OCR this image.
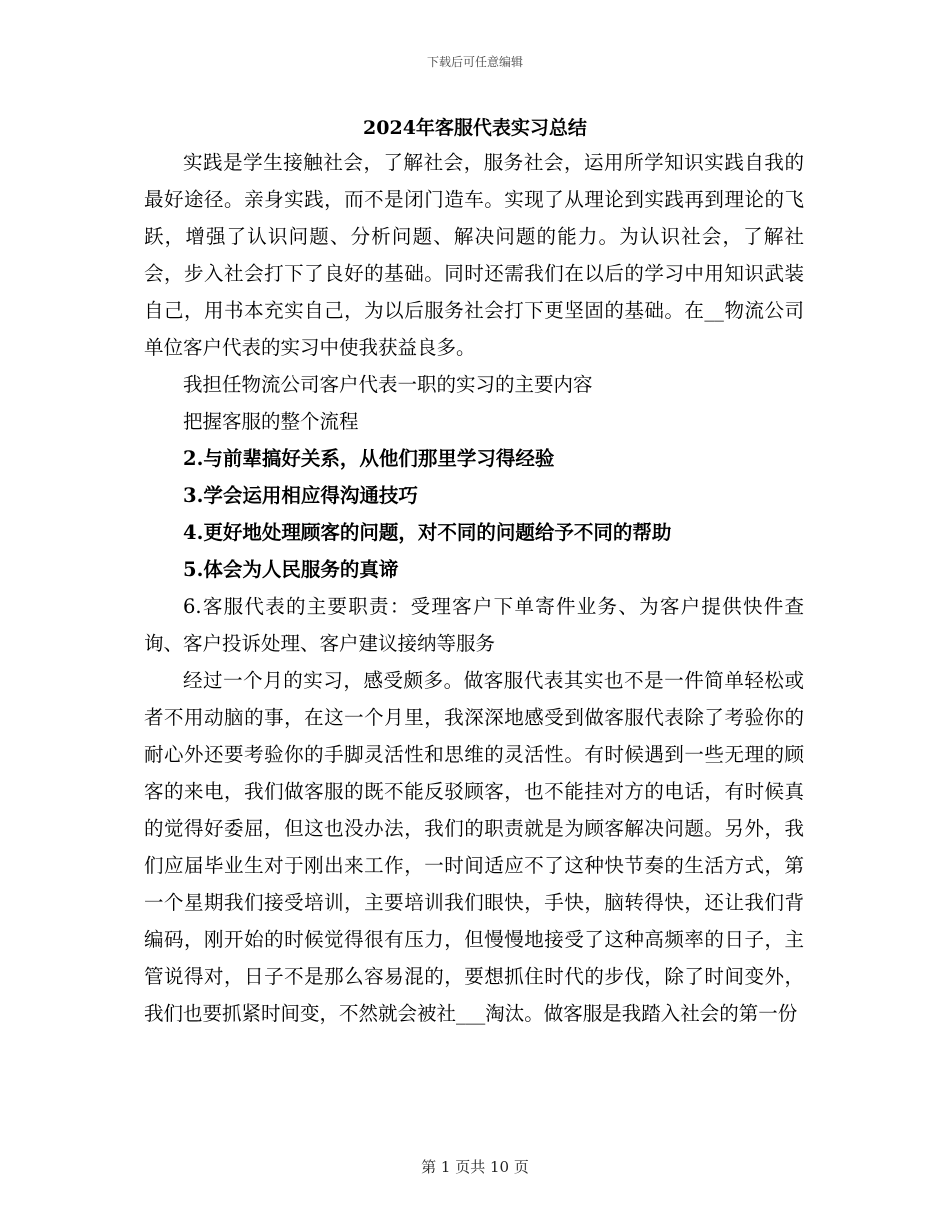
下载后可任意编辑
2024年客服代表实习总结

实践是学生接触社会，了解社会，服务社会，运用所学知识实践自我的最好途径。亲身实践，而不是闭门造车。实现了从理论到实践再到理论的飞跃，增强了认识问题、分析问题、解决问题的能力。为认识社会，了解社会，步入社会打下了良好的基础。同时还需我们在以后的学习中用知识武装自己，用书本充实自己，为以后服务社会打下更坚固的基础。在__物流公司单位客户代表的实习中使我获益良多。

我担任物流公司客户代表一职的实习的主要内容

把握客服的整个流程

2.与前辈搞好关系，从他们那里学习得经验

3.学会运用相应得沟通技巧

4.更好地处理顾客的问题，对不同的问题给予不同的帮助

5.体会为人民服务的真谛

6.客服代表的主要职责：受理客户下单寄件业务、为客户提供快件查询、客户投诉处理、客户建议接纳等服务

经过一个月的实习，感受颇多。做客服代表其实也不是一件简单轻松或者不用动脑的事，在这一个月里，我深深地感受到做客服代表除了考验你的耐心外还要考验你的手脚灵活性和思维的灵活性。有时候遇到一些无理的顾客的来电，我们做客服的既不能反驳顾客，也不能挂对方的电话，有时候真的觉得好委屈，但这也没办法，我们的职责就是为顾客解决问题。另外，我们应届毕业生对于刚出来工作，一时间适应不了这种快节奏的生活方式，第一个星期我们接受培训，主要培训我们眼快，手快，脑转得快，还让我们背编码，刚开始的时候觉得很有压力，但慢慢地接受了这种高频率的日子，主管说得对，日子不是那么容易混的，要想抓住时代的步伐，除了时间变外，我们也要抓紧时间变，不然就会被社___淘汰。做客服是我踏入社会的第一份

第 1 页共 10 页
